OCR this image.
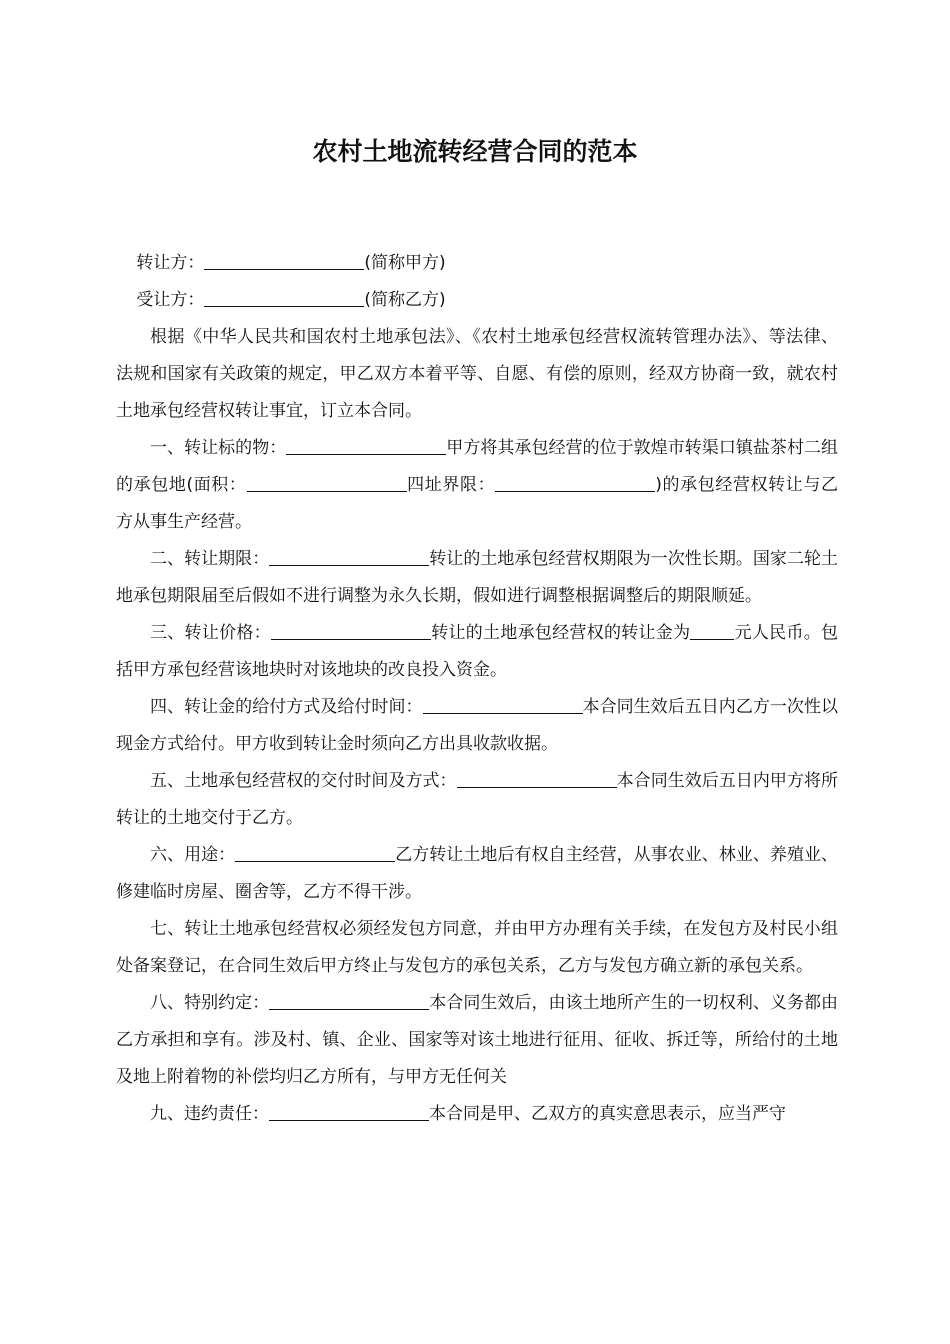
农村土地流转经营合同的范本
转让方：	(简称甲方)
受让方：	(简称乙方)

根据《中华人民共和国农村土地承包法》、《农村土地承包经营权流转管理办法》、等法律、法规和国家有关政策的规定，甲乙双方本着平等、自愿、有偿的原则，经双方协商一致，就农村土地承包经营权转让事宜，订立本合同。

一、转让标的物：	甲方将其承包经营的位于敦煌市转渠口镇盐茶村二组的承包地(面积：	四址界限：	)的承包经营权转让与乙方从事生产经营。

二、转让期限：	转让的土地承包经营权期限为一次性长期。国家二轮土地承包期限届至后假如不进行调整为永久长期，假如进行调整根据调整后的期限顺延。

三、转让价格：	转让的土地承包经营权的转让金为	元人民币。包括甲方承包经营该地块时对该地块的改良投入资金。

四、转让金的给付方式及给付时间：	本合同生效后五日内乙方一次性以现金方式给付。甲方收到转让金时须向乙方出具收款收据。

五、土地承包经营权的交付时间及方式：	本合同生效后五日内甲方将所转让的土地交付于乙方。

六、用途：	乙方转让土地后有权自主经营，从事农业、林业、养殖业、修建临时房屋、圈舍等，乙方不得干涉。

七、转让土地承包经营权必须经发包方同意，并由甲方办理有关手续，在发包方及村民小组处备案登记，在合同生效后甲方终止与发包方的承包关系，乙方与发包方确立新的承包关系。

八、特别约定：	本合同生效后，由该土地所产生的一切权利、义务都由乙方承担和享有。涉及村、镇、企业、国家等对该土地进行征用、征收、拆迁等，所给付的土地及地上附着物的补偿均归乙方所有，与甲方无任何关

九、违约责任：	本合同是甲、乙双方的真实意思表示，应当严守
